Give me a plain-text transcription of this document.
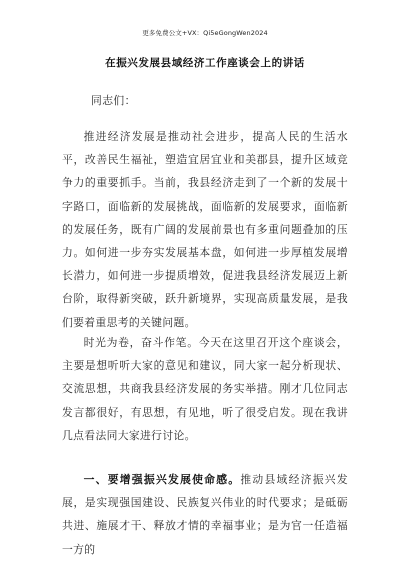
更多免费公文+VX：Qi5eGongWen2024
在振兴发展县域经济工作座谈会上的讲话
同志们：
推进经济发展是推动社会进步，提高人民的生活水平，改善民生福祉，塑造宜居宜业和美郡县，提升区域竞争力的重要抓手。当前，我县经济走到了一个新的发展十字路口，面临新的发展挑战，面临新的发展要求，面临新的发展任务，既有广阔的发展前景也有多重问题叠加的压力。如何进一步夯实发展基本盘，如何进一步厚植发展增长潜力，如何进一步提质增效，促进我县经济发展迈上新台阶，取得新突破，跃升新境界，实现高质量发展，是我们要着重思考的关键问题。
时光为卷，奋斗作笔。今天在这里召开这个座谈会，主要是想听听大家的意见和建议，同大家一起分析现状、交流思想，共商我县经济发展的务实举措。刚才几位同志发言都很好，有思想，有见地，听了很受启发。现在我讲几点看法同大家进行讨论。
一、要增强振兴发展使命感。推动县域经济振兴发展，是实现强国建设、民族复兴伟业的时代要求；是砥砺共进、施展才干、释放才情的幸福事业；是为官一任造福一方的
